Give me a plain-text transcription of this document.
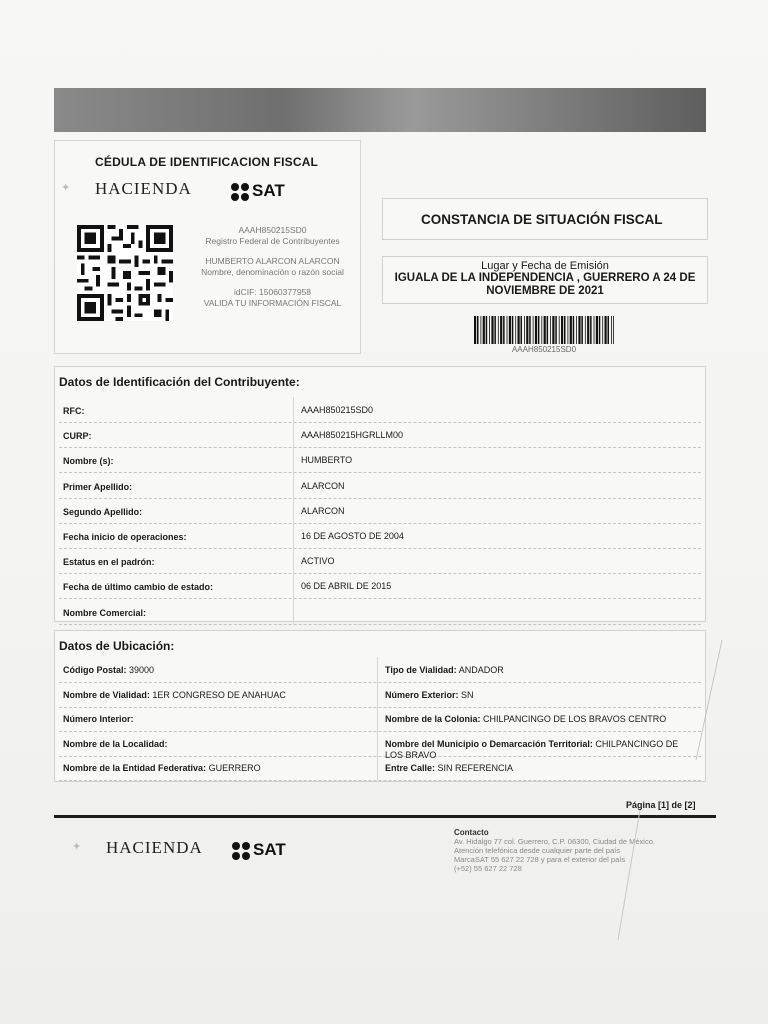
CÉDULA DE IDENTIFICACION FISCAL
✦ HACIENDA	SAT
AAAH850215SD0
Registro Federal de Contribuyentes
HUMBERTO ALARCON ALARCON
Nombre, denominación o razón social
idCIF: 15060377958
VALIDA TU INFORMACIÓN FISCAL
CONSTANCIA DE SITUACIÓN FISCAL
Lugar y Fecha de Emisión
IGUALA DE LA INDEPENDENCIA , GUERRERO A 24 DE NOVIEMBRE DE 2021
AAAH850215SD0
Datos de Identificación del Contribuyente:
RFC:	AAAH850215SD0
CURP:	AAAH850215HGRLLM00
Nombre (s):	HUMBERTO
Primer Apellido:	ALARCON
Segundo Apellido:	ALARCON
Fecha inicio de operaciones:	16 DE AGOSTO DE 2004
Estatus en el padrón:	ACTIVO
Fecha de último cambio de estado:	06 DE ABRIL DE 2015
Nombre Comercial:
Datos de Ubicación:
Código Postal: 39000	Tipo de Vialidad: ANDADOR
Nombre de Vialidad: 1ER CONGRESO DE ANAHUAC	Número Exterior: SN
Número Interior:	Nombre de la Colonia: CHILPANCINGO DE LOS BRAVOS CENTRO
Nombre de la Localidad:	Nombre del Municipio o Demarcación Territorial: CHILPANCINGO DE LOS BRAVO
Nombre de la Entidad Federativa: GUERRERO	Entre Calle: SIN REFERENCIA
Página [1] de [2]
✦ HACIENDA	SAT
Contacto
Av. Hidalgo 77 col. Guerrero, C.P. 06300, Ciudad de México.
Atención telefónica desde cualquier parte del país
MarcaSAT 55 627 22 728 y para el exterior del país
(+52) 55 627 22 728
